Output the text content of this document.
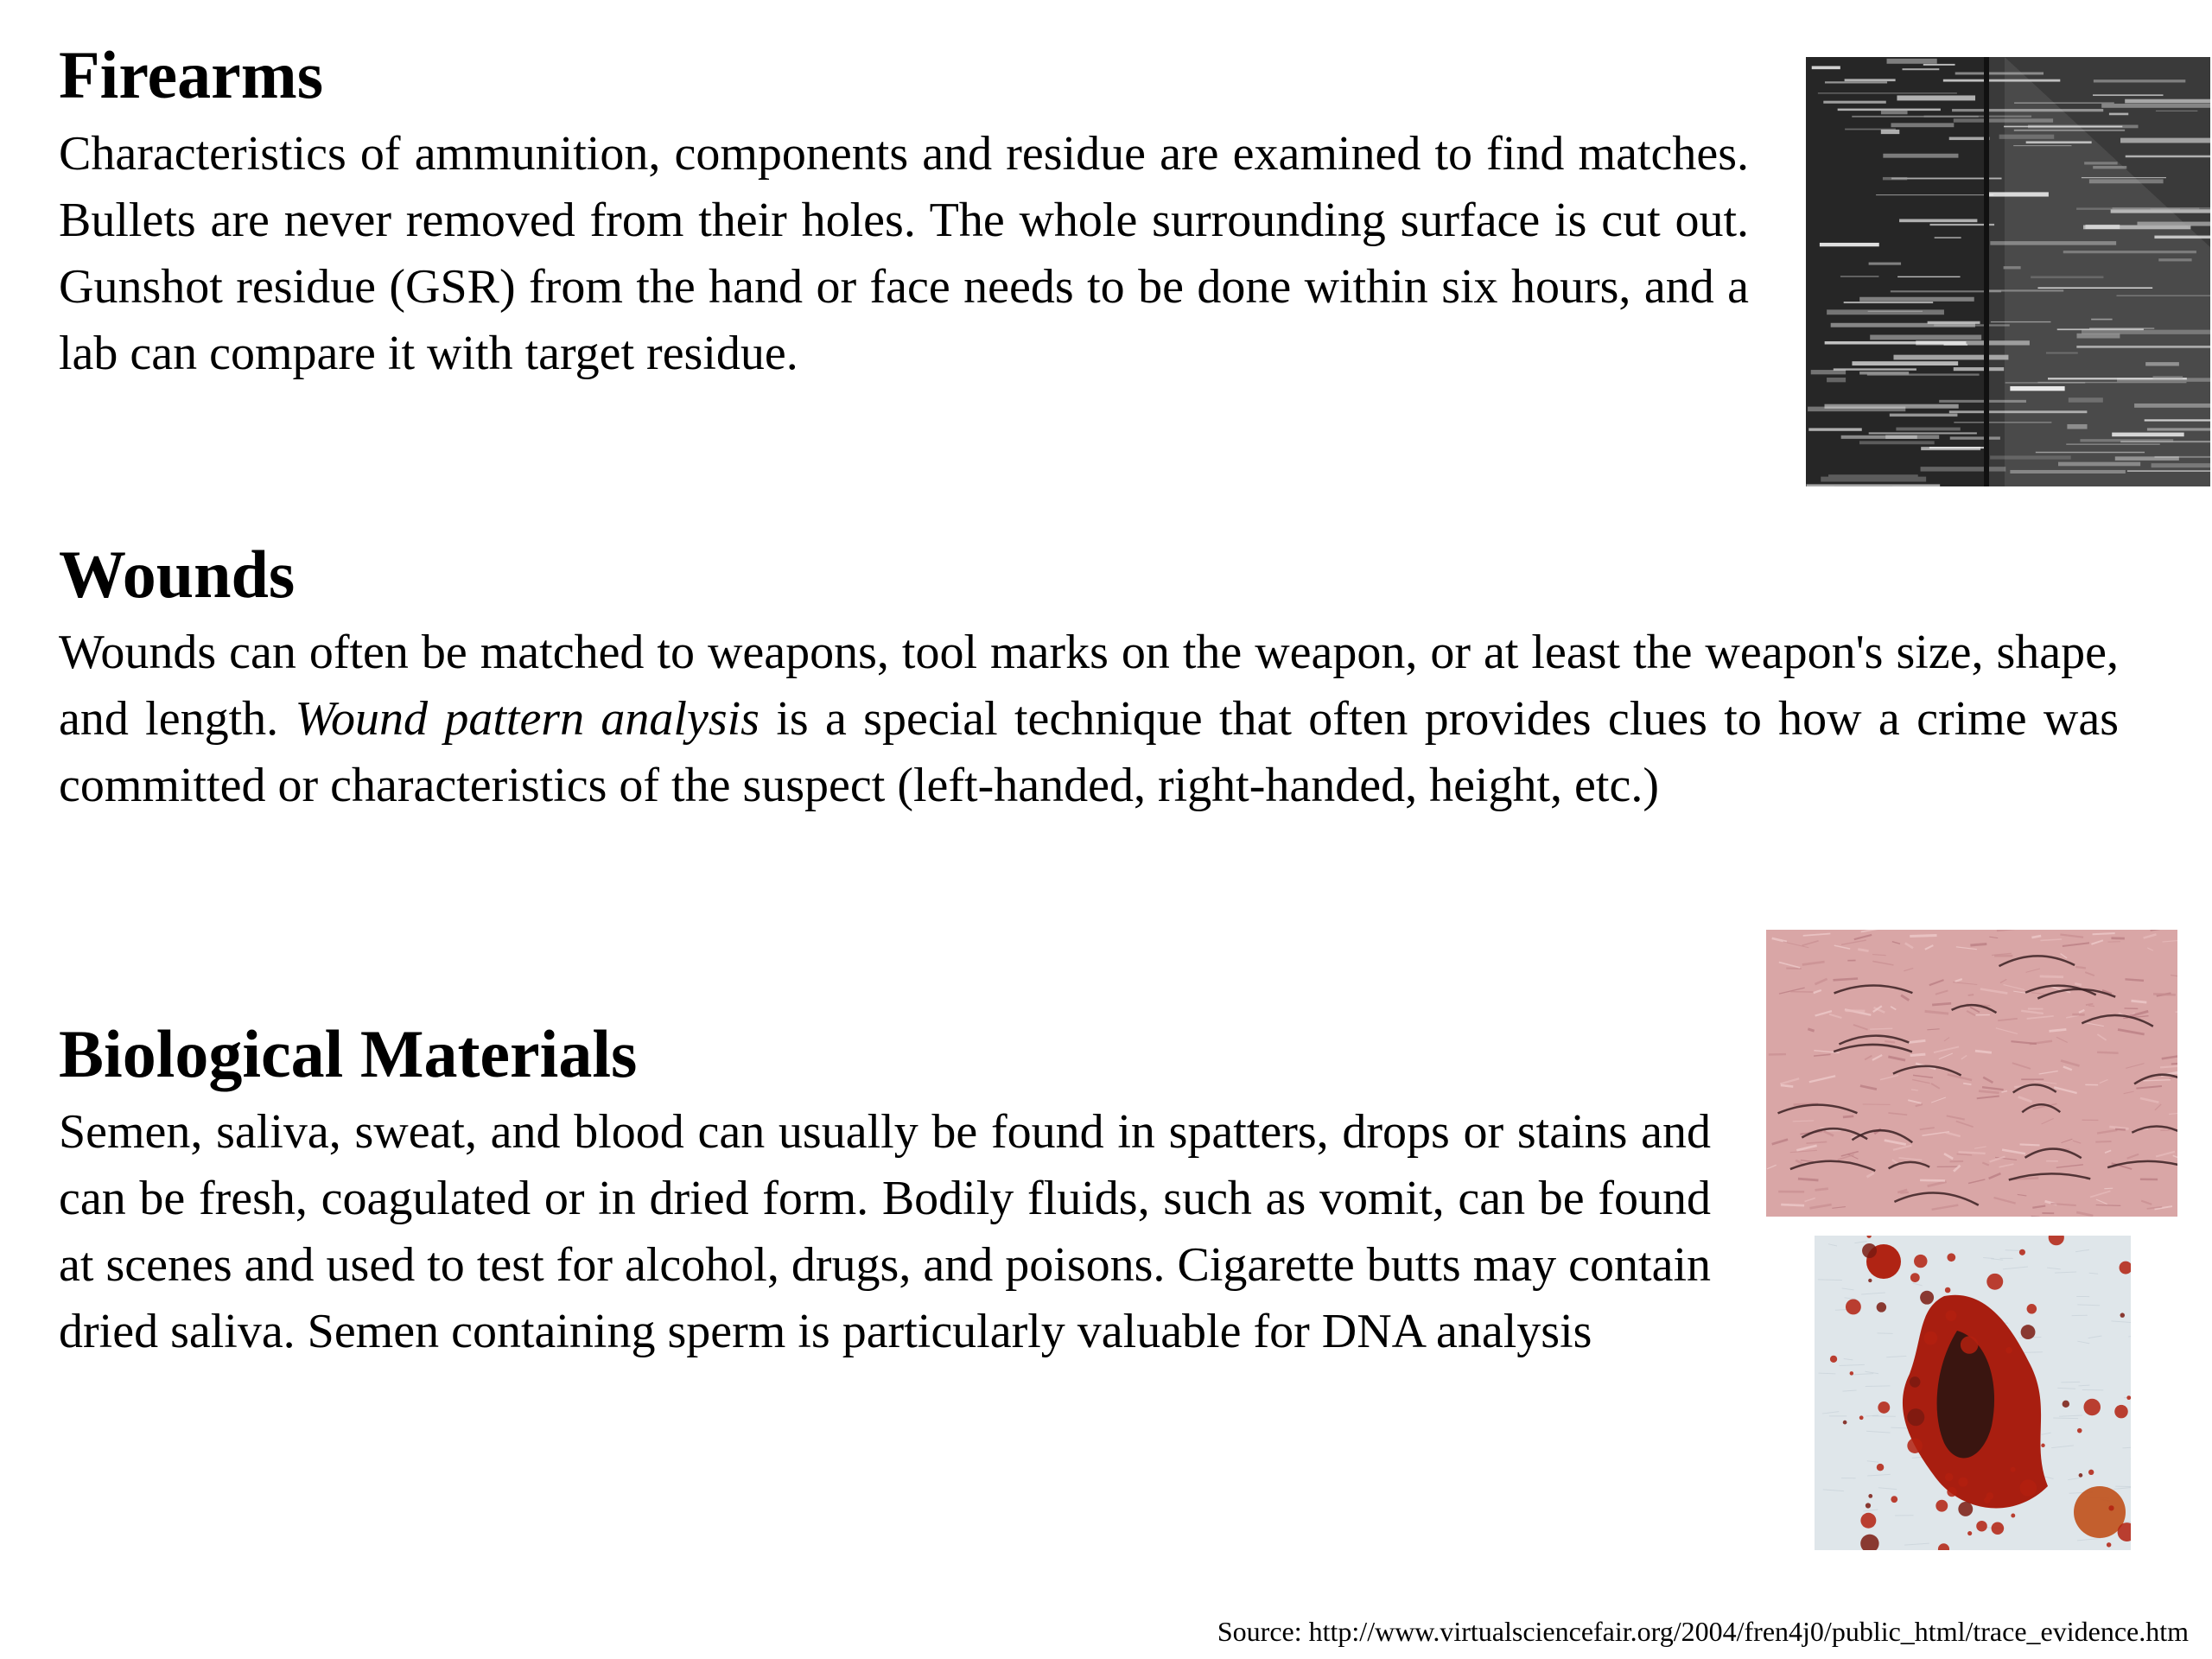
Firearms

Characteristics of ammunition, components and residue are examined to find matches. Bullets are never removed from their holes. The whole surrounding surface is cut out. Gunshot residue (GSR) from the hand or face needs to be done within six hours, and a lab can compare it with target residue.

Wounds

Wounds can often be matched to weapons, tool marks on the weapon, or at least the weapon's size, shape, and length. Wound pattern analysis is a special technique that often provides clues to how a crime was committed or characteristics of the suspect (left-handed, right-handed, height, etc.)

Biological Materials

Semen, saliva, sweat, and blood can usually be found in spatters, drops or stains and can be fresh, coagulated or in dried form. Bodily fluids, such as vomit, can be found at scenes and used to test for alcohol, drugs, and poisons. Cigarette butts may contain dried saliva. Semen containing sperm is particularly valuable for DNA analysis

Source: http://www.virtualsciencefair.org/2004/fren4j0/public_html/trace_evidence.htm
